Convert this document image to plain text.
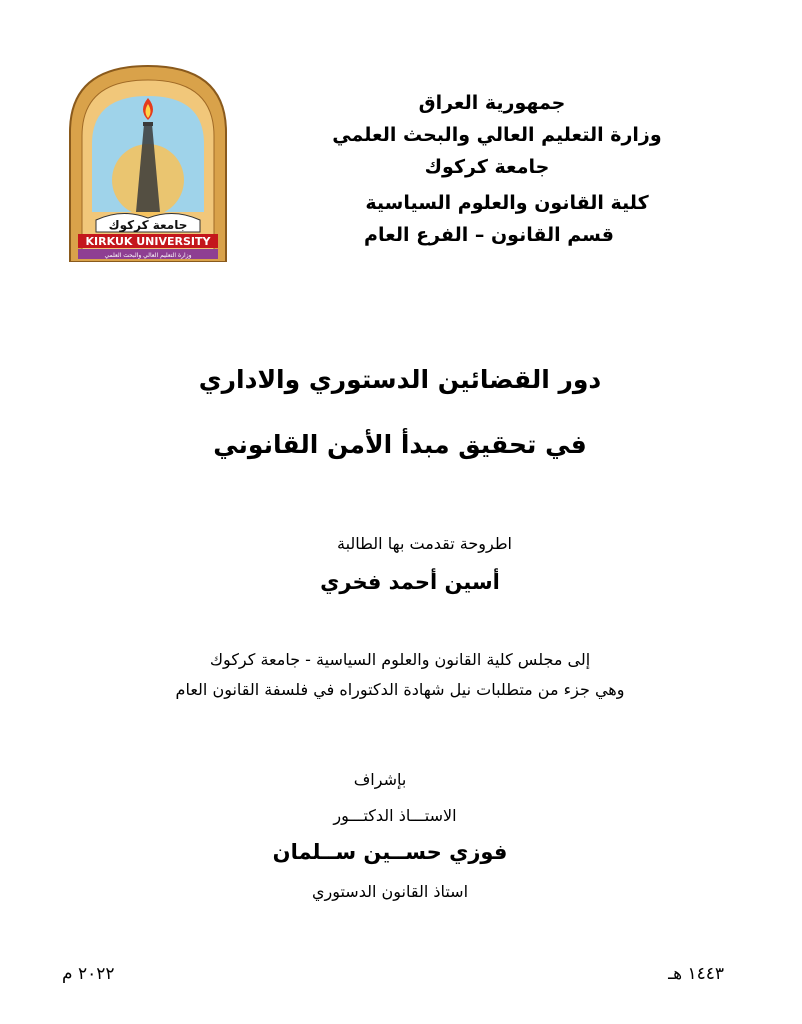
جامعة كركوك
KIRKUK UNIVERSITY
وزارة التعليم العالي والبحث العلمي
جمهورية العراق
وزارة التعليم العالي والبحث العلمي
جامعة كركوك
كلية القانون والعلوم السياسية
قسم القانون – الفرع العام
دور القضائين الدستوري والاداري
في تحقيق مبدأ الأمن القانوني
اطروحة تقدمت بها الطالبة
أسين أحمد فخري
إلى مجلس كلية القانون والعلوم السياسية - جامعة كركوك
وهي جزء من متطلبات نيل شهادة الدكتوراه في فلسفة القانون العام
بإشراف
الاستـــاذ الدكتـــور
فوزي حســين ســلمان
استاذ القانون الدستوري
١٤٤٣ هـ
٢٠٢٢ م
